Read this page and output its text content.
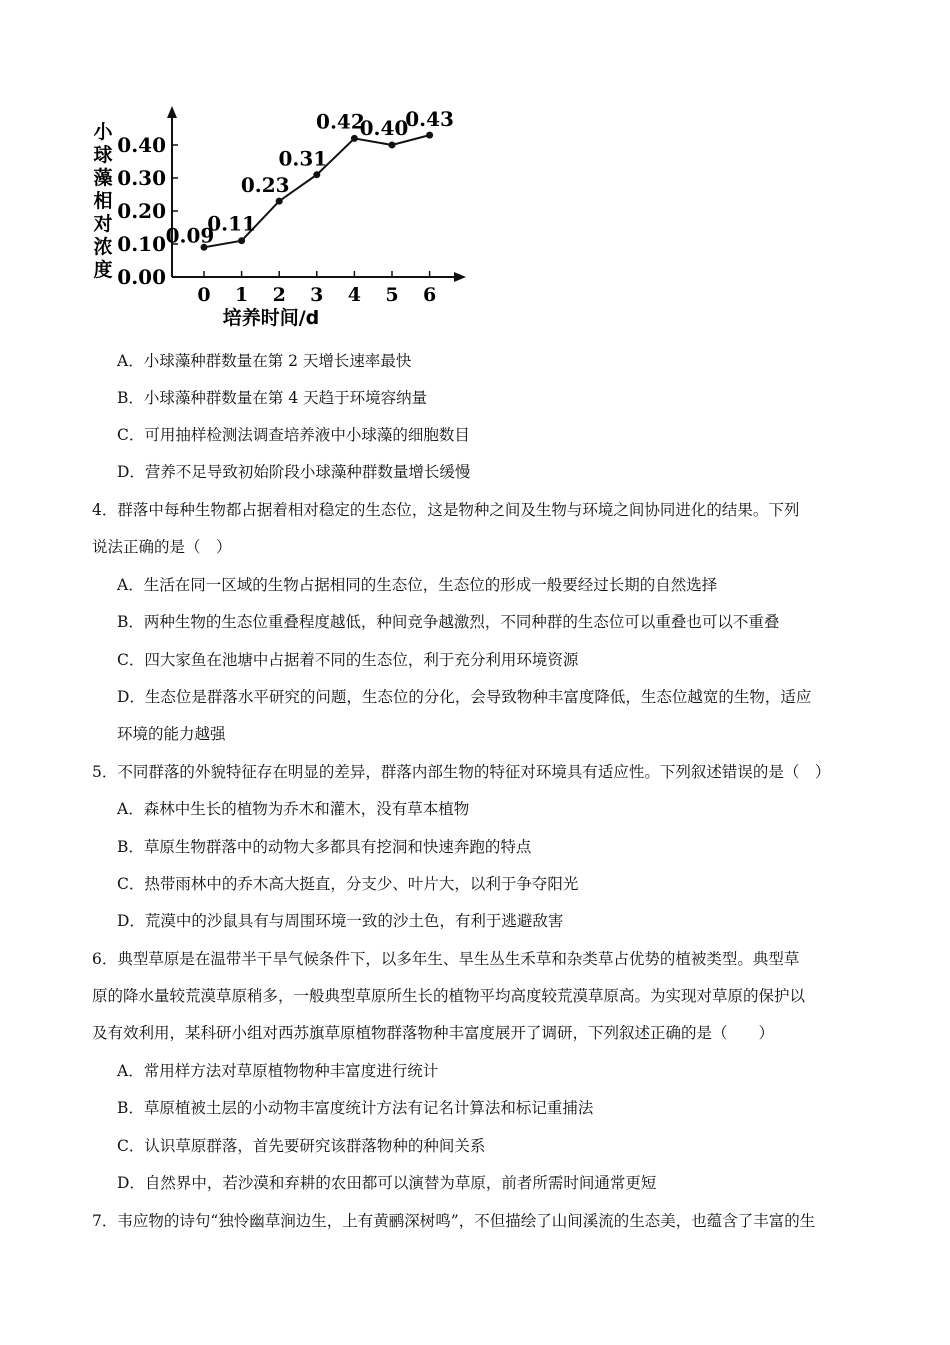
0.00
0.10
0.20
0.30
0.40
0 1 2 3 4 5 6
0.09
0.11
0.23
0.31
0.42
0.40
0.43
小球藻相对浓度
培养时间/d
A．小球藻种群数量在第 2 天增长速率最快
B．小球藻种群数量在第 4 天趋于环境容纳量
C．可用抽样检测法调查培养液中小球藻的细胞数目
D．营养不足导致初始阶段小球藻种群数量增长缓慢
4．群落中每种生物都占据着相对稳定的生态位，这是物种之间及生物与环境之间协同进化的结果。下列
说法正确的是（　）
A．生活在同一区域的生物占据相同的生态位，生态位的形成一般要经过长期的自然选择
B．两种生物的生态位重叠程度越低，种间竞争越激烈，不同种群的生态位可以重叠也可以不重叠
C．四大家鱼在池塘中占据着不同的生态位，利于充分利用环境资源
D．生态位是群落水平研究的问题，生态位的分化，会导致物种丰富度降低，生态位越宽的生物，适应
环境的能力越强
5．不同群落的外貌特征存在明显的差异，群落内部生物的特征对环境具有适应性。下列叙述错误的是（　）
A．森林中生长的植物为乔木和灌木，没有草本植物
B．草原生物群落中的动物大多都具有挖洞和快速奔跑的特点
C．热带雨林中的乔木高大挺直，分支少、叶片大，以利于争夺阳光
D．荒漠中的沙鼠具有与周围环境一致的沙土色，有利于逃避敌害
6．典型草原是在温带半干旱气候条件下，以多年生、旱生丛生禾草和杂类草占优势的植被类型。典型草
原的降水量较荒漠草原稍多，一般典型草原所生长的植物平均高度较荒漠草原高。为实现对草原的保护以
及有效利用，某科研小组对西苏旗草原植物群落物种丰富度展开了调研，下列叙述正确的是（　　）
A．常用样方法对草原植物物种丰富度进行统计
B．草原植被土层的小动物丰富度统计方法有记名计算法和标记重捕法
C．认识草原群落，首先要研究该群落物种的种间关系
D．自然界中，若沙漠和弃耕的农田都可以演替为草原，前者所需时间通常更短
7．韦应物的诗句“独怜幽草涧边生，上有黄鹂深树鸣”，不但描绘了山间溪流的生态美，也蕴含了丰富的生
